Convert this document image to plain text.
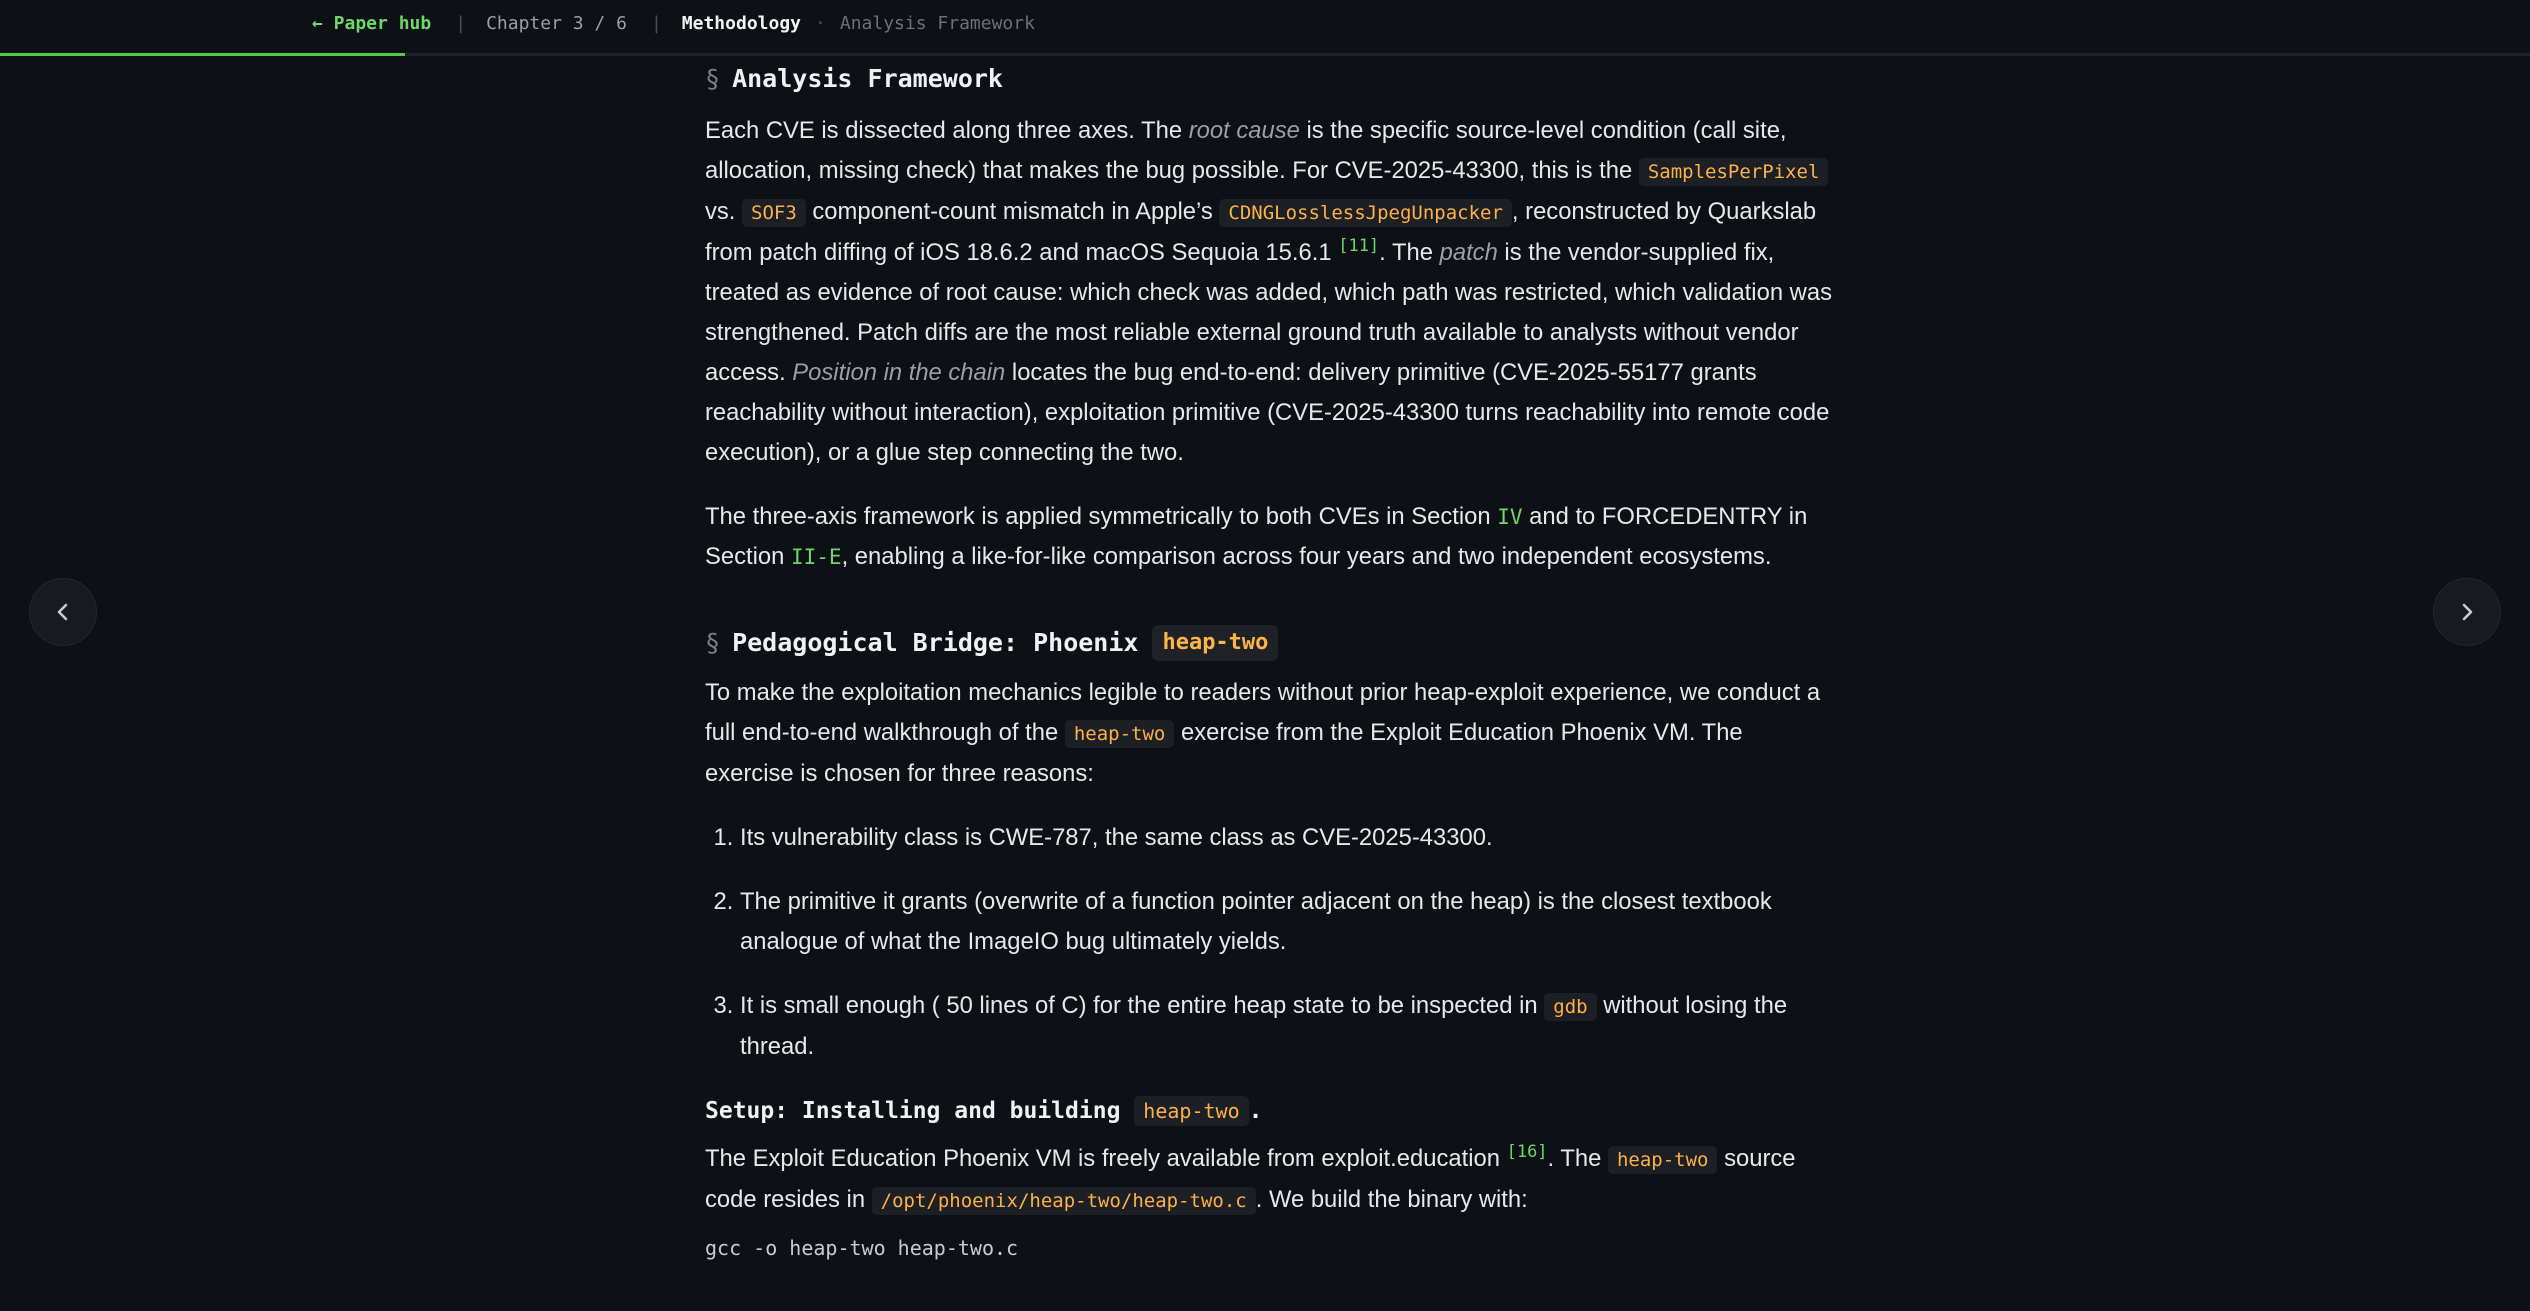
← Paper hub | Chapter 3 / 6 | Methodology · Analysis Framework
§ Analysis Framework

Each CVE is dissected along three axes. The root cause is the specific source-level condition (call site, allocation, missing check) that makes the bug possible. For CVE-2025-43300, this is the SamplesPerPixel vs. SOF3 component-count mismatch in Apple’s CDNGLosslessJpegUnpacker , reconstructed by Quarkslab from patch diffing of iOS 18.6.2 and macOS Sequoia 15.6.1 [11]. The patch is the vendor-supplied fix, treated as evidence of root cause: which check was added, which path was restricted, which validation was strengthened. Patch diffs are the most reliable external ground truth available to analysts without vendor access. Position in the chain locates the bug end-to-end: delivery primitive (CVE-2025-55177 grants reachability without interaction), exploitation primitive (CVE-2025-43300 turns reachability into remote code execution), or a glue step connecting the two.

The three-axis framework is applied symmetrically to both CVEs in Section IV and to FORCEDENTRY in Section II-E, enabling a like-for-like comparison across four years and two independent ecosystems.

§ Pedagogical Bridge: Phoenix	heap-two

To make the exploitation mechanics legible to readers without prior heap-exploit experience, we conduct a full end-to-end walkthrough of the heap-two exercise from the Exploit Education Phoenix VM. The exercise is chosen for three reasons:

1. Its vulnerability class is CWE-787, the same class as CVE-2025-43300.
2. The primitive it grants (overwrite of a function pointer adjacent on the heap) is the closest textbook analogue of what the ImageIO bug ultimately yields.
3. It is small enough ( 50 lines of C) for the entire heap state to be inspected in gdb without losing the thread.
Setup: Installing and building heap-two .

The Exploit Education Phoenix VM is freely available from exploit.education [16]. The heap-two source code resides in /opt/phoenix/heap-two/heap-two.c . We build the binary with:

gcc -o heap-two heap-two.c
